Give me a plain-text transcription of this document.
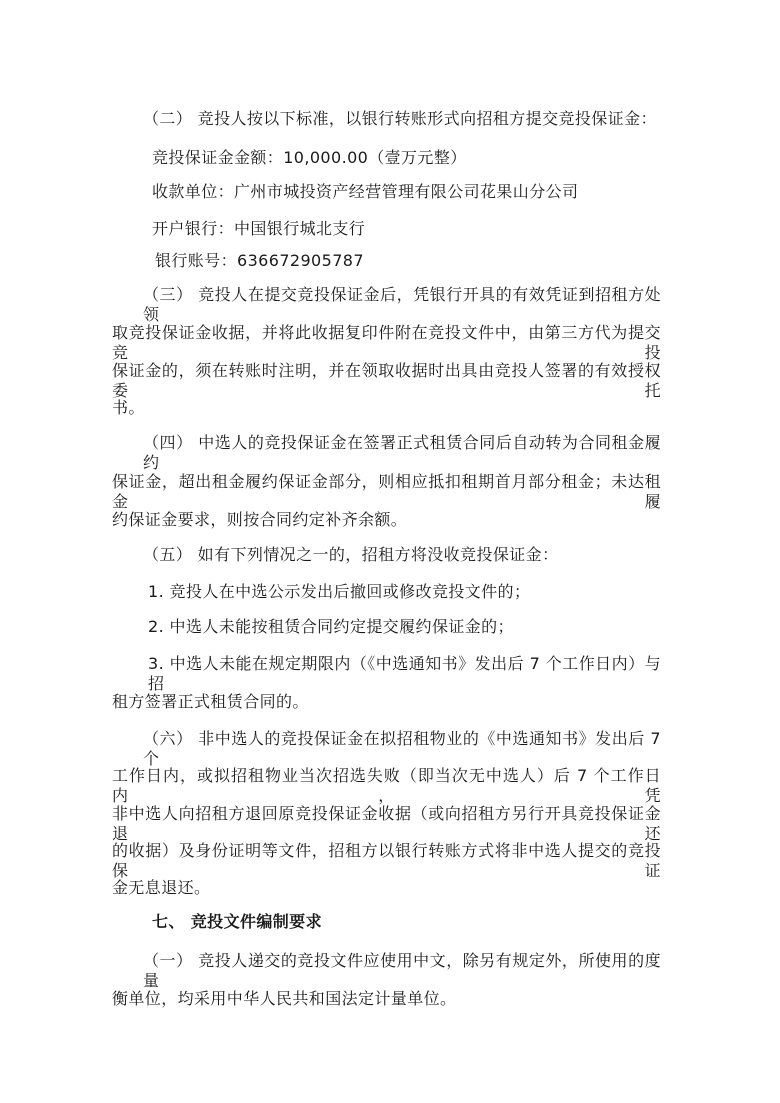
（二） 竞投人按以下标准，以银行转账形式向招租方提交竞投保证金：
竞投保证金金额：10,000.00（壹万元整）
收款单位：广州市城投资产经营管理有限公司花果山分公司
开户银行：中国银行城北支行
银行账号：636672905787
（三） 竞投人在提交竞投保证金后，凭银行开具的有效凭证到招租方处领
取竞投保证金收据，并将此收据复印件附在竞投文件中，由第三方代为提交竞投
保证金的，须在转账时注明，并在领取收据时出具由竞投人签署的有效授权委托
书。
（四） 中选人的竞投保证金在签署正式租赁合同后自动转为合同租金履约
保证金，超出租金履约保证金部分，则相应抵扣租期首月部分租金；未达租金履
约保证金要求，则按合同约定补齐余额。
（五） 如有下列情况之一的，招租方将没收竞投保证金：
1. 竞投人在中选公示发出后撤回或修改竞投文件的；
2. 中选人未能按租赁合同约定提交履约保证金的；
3. 中选人未能在规定期限内（《中选通知书》发出后 7 个工作日内）与招
租方签署正式租赁合同的。
（六） 非中选人的竞投保证金在拟招租物业的《中选通知书》发出后 7 个
工作日内，或拟招租物业当次招选失败（即当次无中选人）后 7 个工作日内，凭
非中选人向招租方退回原竞投保证金收据（或向招租方另行开具竞投保证金退还
的收据）及身份证明等文件，招租方以银行转账方式将非中选人提交的竞投保证
金无息退还。
七、 竞投文件编制要求
（一） 竞投人递交的竞投文件应使用中文，除另有规定外，所使用的度量
衡单位，均采用中华人民共和国法定计量单位。
